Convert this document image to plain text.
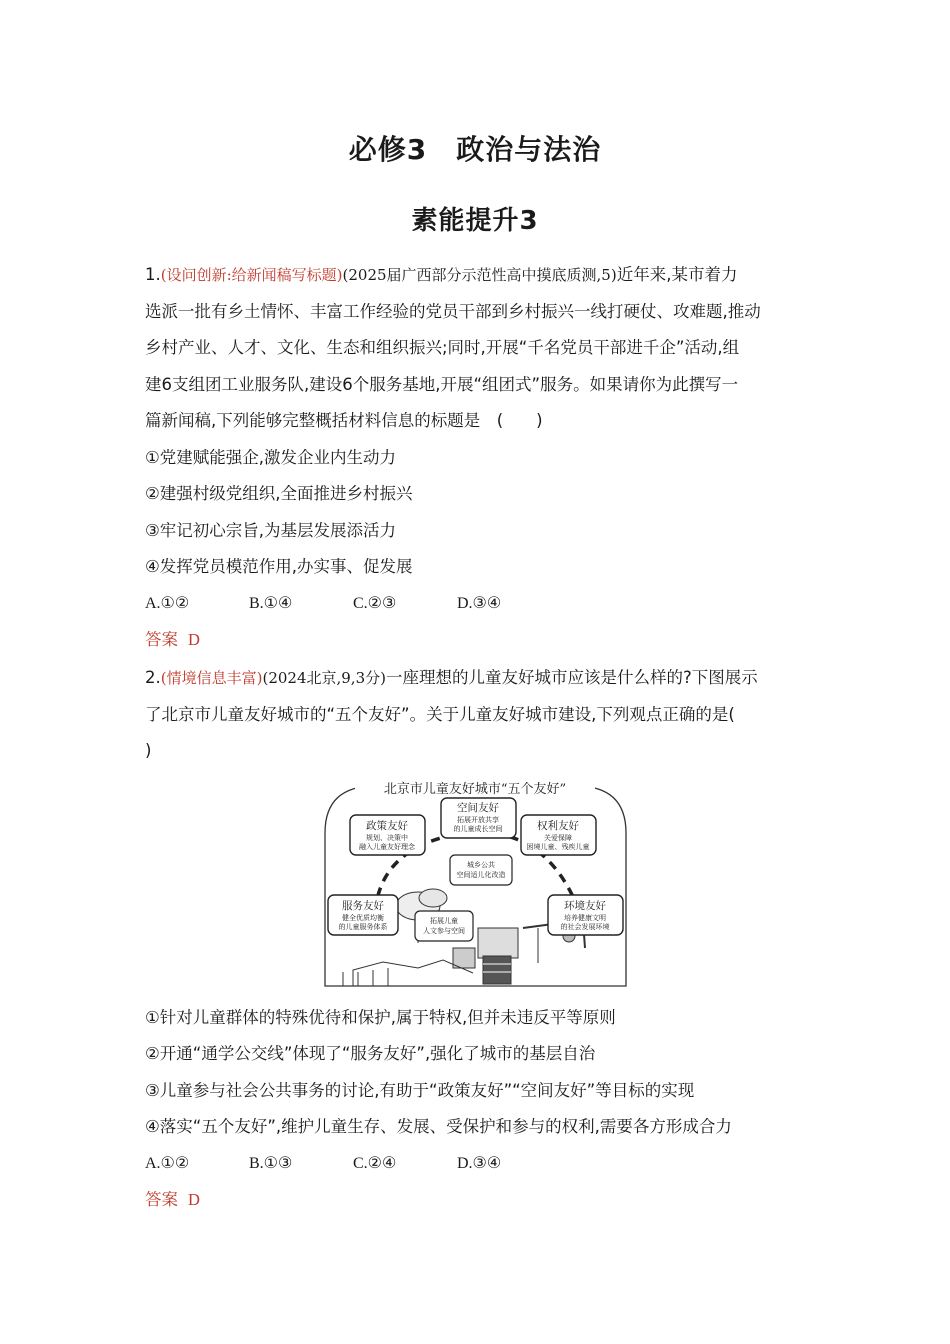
必修3　政治与法治
素能提升3

1.(设问创新:给新闻稿写标题)(2025届广西部分示范性高中摸底质测,5)近年来,某市着力

选派一批有乡土情怀、丰富工作经验的党员干部到乡村振兴一线打硬仗、攻难题,推动

乡村产业、人才、文化、生态和组织振兴;同时,开展“千名党员干部进千企”活动,组

建6支组团工业服务队,建设6个服务基地,开展“组团式”服务。如果请你为此撰写一

篇新闻稿,下列能够完整概括材料信息的标题是　(　　)

①党建赋能强企,激发企业内生动力

②建强村级党组织,全面推进乡村振兴

③牢记初心宗旨,为基层发展添活力

④发挥党员模范作用,办实事、促发展

A.①②	B.①④	C.②③	D.③④

答案 D

2.(情境信息丰富)(2024北京,9,3分)一座理想的儿童友好城市应该是什么样的?下图展示

了北京市儿童友好城市的“五个友好”。关于儿童友好城市建设,下列观点正确的是(

)

北京市儿童友好城市“五个友好”
政策友好
规划、决策中
融入儿童友好理念
空间友好
拓展开放共享
的儿童成长空间	权利友好
关爱保障
困境儿童、残疾儿童
城乡公共
空间适儿化改造
服务友好
健全优质均衡
的儿童服务体系
拓展儿童
人文参与空间
环境友好
培养健康文明
的社会发展环境

①针对儿童群体的特殊优待和保护,属于特权,但并未违反平等原则

②开通“通学公交线”体现了“服务友好”,强化了城市的基层自治

③儿童参与社会公共事务的讨论,有助于“政策友好”“空间友好”等目标的实现

④落实“五个友好”,维护儿童生存、发展、受保护和参与的权利,需要各方形成合力

A.①②	B.①③	C.②④	D.③④

答案 D
